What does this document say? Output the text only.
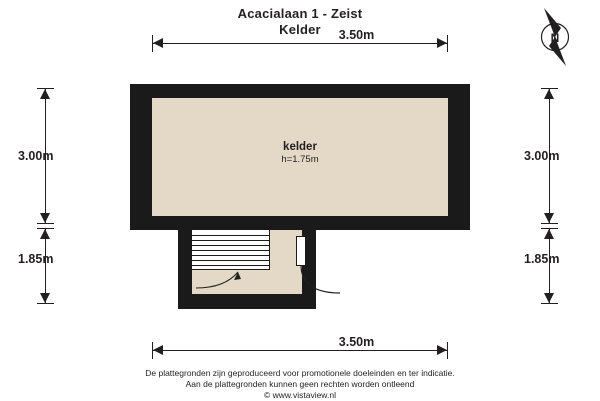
Acacialaan 1 - Zeist
Kelder
N
3.50m
3.50m
3.00m
1.85m
3.00m
1.85m
kelder
h=1.75m
De plattegronden zijn geproduceerd voor promotionele doeleinden en ter indicatie.
Aan de plattegronden kunnen geen rechten worden ontleend
© www.vistaview.nl
